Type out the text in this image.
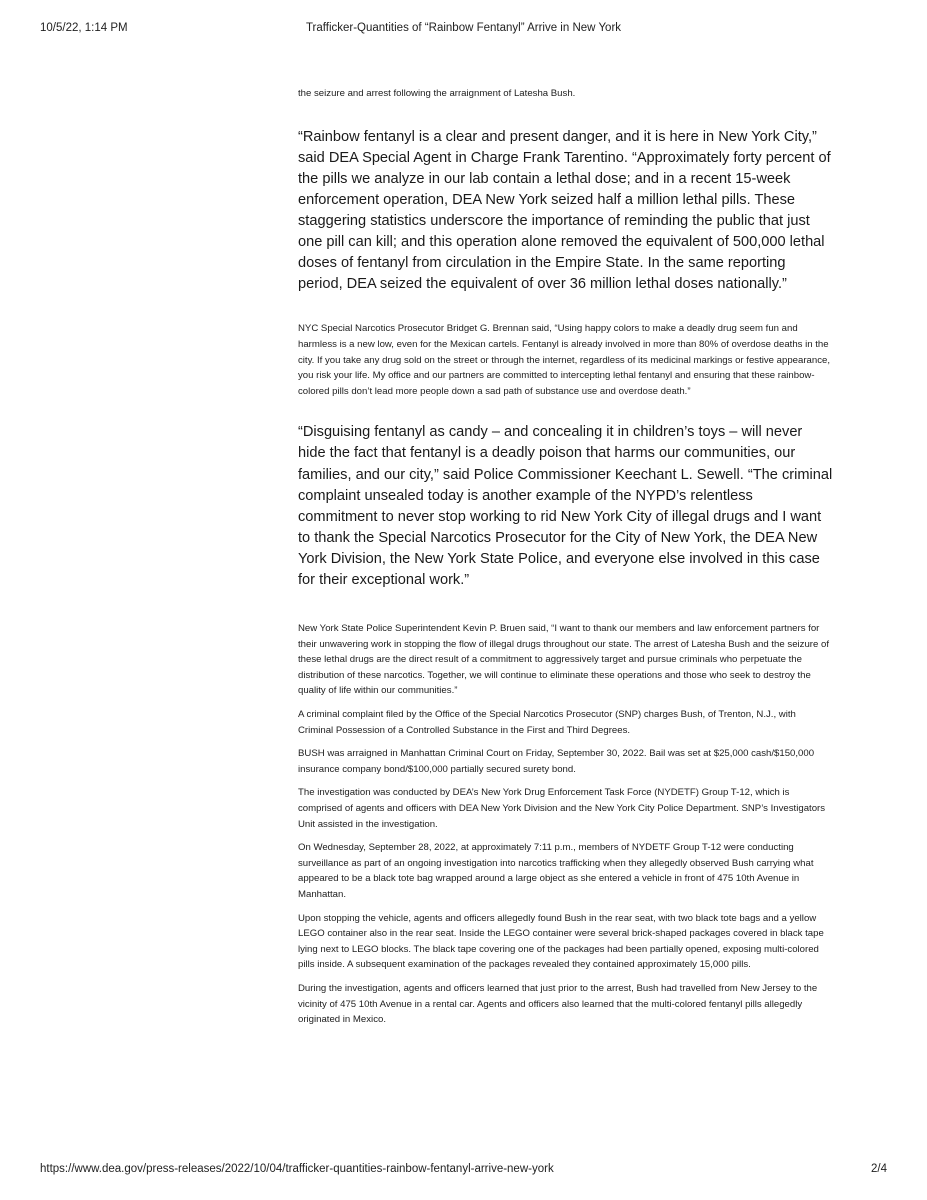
10/5/22, 1:14 PM	Trafficker-Quantities of “Rainbow Fentanyl” Arrive in New York

the seizure and arrest following the arraignment of Latesha Bush.

“Rainbow fentanyl is a clear and present danger, and it is here in New York City,” said DEA Special Agent in Charge Frank Tarentino. “Approximately forty percent of the pills we analyze in our lab contain a lethal dose; and in a recent 15-week enforcement operation, DEA New York seized half a million lethal pills. These staggering statistics underscore the importance of reminding the public that just one pill can kill; and this operation alone removed the equivalent of 500,000 lethal doses of fentanyl from circulation in the Empire State. In the same reporting period, DEA seized the equivalent of over 36 million lethal doses nationally.”

NYC Special Narcotics Prosecutor Bridget G. Brennan said, “Using happy colors to make a deadly drug seem fun and harmless is a new low, even for the Mexican cartels. Fentanyl is already involved in more than 80% of overdose deaths in the city. If you take any drug sold on the street or through the internet, regardless of its medicinal markings or festive appearance, you risk your life. My office and our partners are committed to intercepting lethal fentanyl and ensuring that these rainbow-colored pills don’t lead more people down a sad path of substance use and overdose death.”

“Disguising fentanyl as candy – and concealing it in children’s toys – will never hide the fact that fentanyl is a deadly poison that harms our communities, our families, and our city,” said Police Commissioner Keechant L. Sewell. “The criminal complaint unsealed today is another example of the NYPD’s relentless commitment to never stop working to rid New York City of illegal drugs and I want to thank the Special Narcotics Prosecutor for the City of New York, the DEA New York Division, the New York State Police, and everyone else involved in this case for their exceptional work.”

New York State Police Superintendent Kevin P. Bruen said, “I want to thank our members and law enforcement partners for their unwavering work in stopping the flow of illegal drugs throughout our state. The arrest of Latesha Bush and the seizure of these lethal drugs are the direct result of a commitment to aggressively target and pursue criminals who perpetuate the distribution of these narcotics. Together, we will continue to eliminate these operations and those who seek to destroy the quality of life within our communities.”

A criminal complaint filed by the Office of the Special Narcotics Prosecutor (SNP) charges Bush, of Trenton, N.J., with Criminal Possession of a Controlled Substance in the First and Third Degrees.

BUSH was arraigned in Manhattan Criminal Court on Friday, September 30, 2022. Bail was set at $25,000 cash/$150,000 insurance company bond/$100,000 partially secured surety bond.

The investigation was conducted by DEA’s New York Drug Enforcement Task Force (NYDETF) Group T-12, which is comprised of agents and officers with DEA New York Division and the New York City Police Department. SNP’s Investigators Unit assisted in the investigation.

On Wednesday, September 28, 2022, at approximately 7:11 p.m., members of NYDETF Group T-12 were conducting surveillance as part of an ongoing investigation into narcotics trafficking when they allegedly observed Bush carrying what appeared to be a black tote bag wrapped around a large object as she entered a vehicle in front of 475 10th Avenue in Manhattan.

Upon stopping the vehicle, agents and officers allegedly found Bush in the rear seat, with two black tote bags and a yellow LEGO container also in the rear seat. Inside the LEGO container were several brick-shaped packages covered in black tape lying next to LEGO blocks. The black tape covering one of the packages had been partially opened, exposing multi-colored pills inside. A subsequent examination of the packages revealed they contained approximately 15,000 pills.

During the investigation, agents and officers learned that just prior to the arrest, Bush had travelled from New Jersey to the vicinity of 475 10th Avenue in a rental car. Agents and officers also learned that the multi-colored fentanyl pills allegedly originated in Mexico.

https://www.dea.gov/press-releases/2022/10/04/trafficker-quantities-rainbow-fentanyl-arrive-new-york	2/4
